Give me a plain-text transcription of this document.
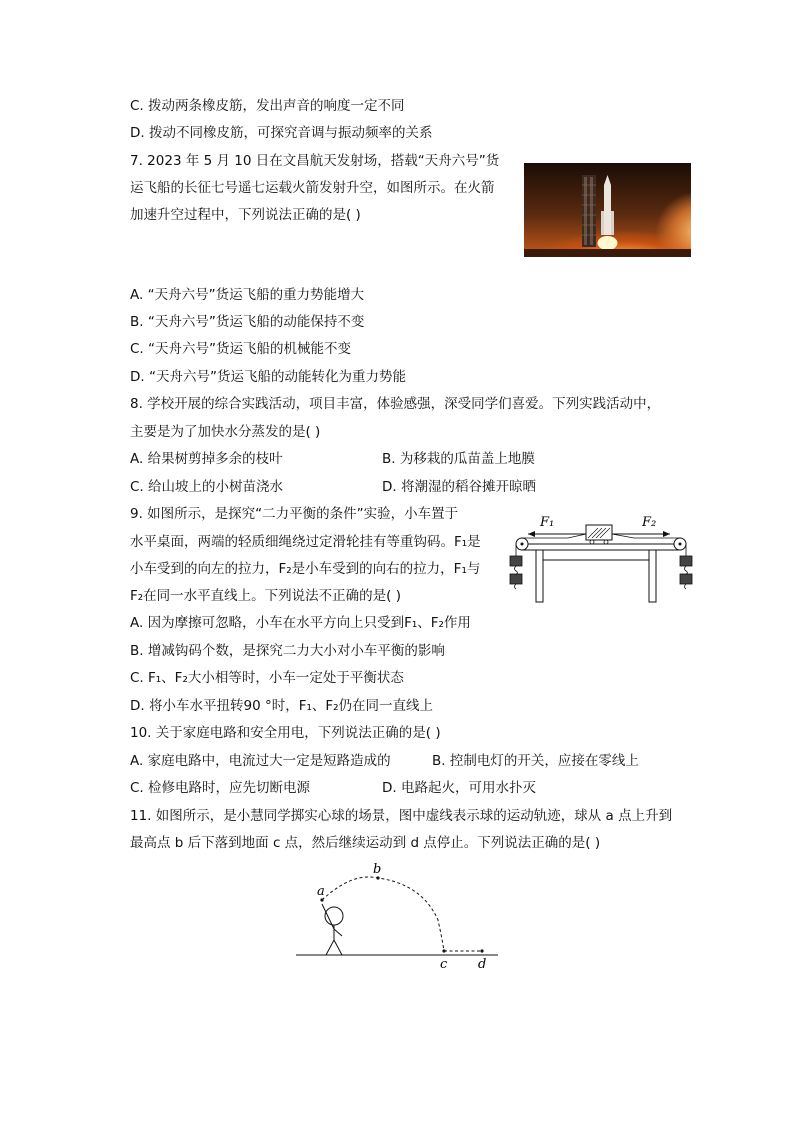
C. 拨动两条橡皮筋，发出声音的响度一定不同
D. 拨动不同橡皮筋，可探究音调与振动频率的关系
7. 2023 年 5 月 10 日在文昌航天发射场，搭载“天舟六号”货
运飞船的长征七号遥七运载火箭发射升空，如图所示。在火箭
加速升空过程中，下列说法正确的是( )
A. “天舟六号”货运飞船的重力势能增大
B. “天舟六号”货运飞船的动能保持不变
C. “天舟六号”货运飞船的机械能不变
D. “天舟六号”货运飞船的动能转化为重力势能
8. 学校开展的综合实践活动，项目丰富，体验感强，深受同学们喜爱。下列实践活动中，
主要是为了加快水分蒸发的是( )
A. 给果树剪掉多余的枝叶	B. 为移栽的瓜苗盖上地膜
C. 给山坡上的小树苗浇水	D. 将潮湿的稻谷摊开晾晒
9. 如图所示，是探究“二力平衡的条件”实验，小车置于
水平桌面，两端的轻质细绳绕过定滑轮挂有等重钩码。F₁是
小车受到的向左的拉力，F₂是小车受到的向右的拉力，F₁与
F₂在同一水平直线上。下列说法不正确的是( )
F₁	F₂
A. 因为摩擦可忽略，小车在水平方向上只受到F₁、F₂作用
B. 增减钩码个数，是探究二力大小对小车平衡的影响
C. F₁、F₂大小相等时，小车一定处于平衡状态
D. 将小车水平扭转90 °时，F₁、F₂仍在同一直线上
10. 关于家庭电路和安全用电，下列说法正确的是( )
A. 家庭电路中，电流过大一定是短路造成的	B. 控制电灯的开关，应接在零线上
C. 检修电路时，应先切断电源	D. 电路起火，可用水扑灭
11. 如图所示，是小慧同学掷实心球的场景，图中虚线表示球的运动轨迹，球从 a 点上升到
最高点 b 后下落到地面 c 点，然后继续运动到 d 点停止。下列说法正确的是( )
a
b
c d
